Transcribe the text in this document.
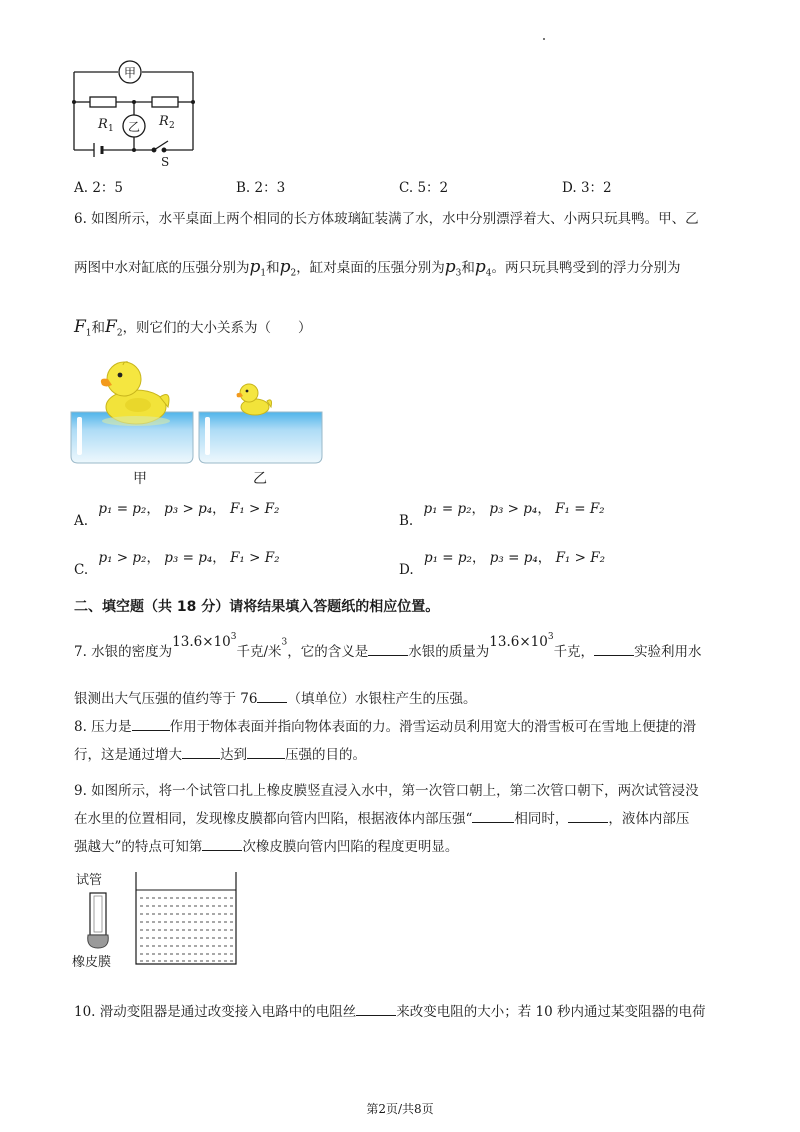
甲
乙
R 1	R 2
S
A. 2：5	B. 2：3	C. 5：2	D. 3：2
6. 如图所示，水平桌面上两个相同的长方体玻璃缸装满了水，水中分别漂浮着大、小两只玩具鸭。甲、乙
两图中水对缸底的压强分别为$p_1$和$p_2$，缸对桌面的压强分别为$p_3$和$p_4$。两只玩具鸭受到的浮力分别为
$F_1$和$F_2$，则它们的大小关系为（　　）
甲	乙
A. p₁ = p₂， p₃ > p₄， F₁ > F₂
B. p₁ = p₂， p₃ > p₄， F₁ = F₂
C. p₁ > p₂， p₃ = p₄， F₁ > F₂
D. p₁ = p₂， p₃ = p₄， F₁ > F₂
二、填空题（共 18 分）请将结果填入答题纸的相应位置。
7. 水银的密度为$13.6\times 10^3$千克/米$^3$，它的含义是	水银的质量为$13.6\times 10^3$千克，	实验利用水
银测出大气压强的值约等于 76 （填单位）水银柱产生的压强。
8. 压力是	作用于物体表面并指向物体表面的力。滑雪运动员利用宽大的滑雪板可在雪地上便捷的滑
行，这是通过增大	达到	压强的目的。
9. 如图所示，将一个试管口扎上橡皮膜竖直浸入水中，第一次管口朝上，第二次管口朝下，两次试管浸没
在水里的位置相同，发现橡皮膜都向管内凹陷，根据液体内部压强“	相同时，	，液体内部压
强越大”的特点可知第	次橡皮膜向管内凹陷的程度更明显。
试管
橡皮膜
10. 滑动变阻器是通过改变接入电路中的电阻丝	来改变电阻的大小；若 10 秒内通过某变阻器的电荷
第2页/共8页
